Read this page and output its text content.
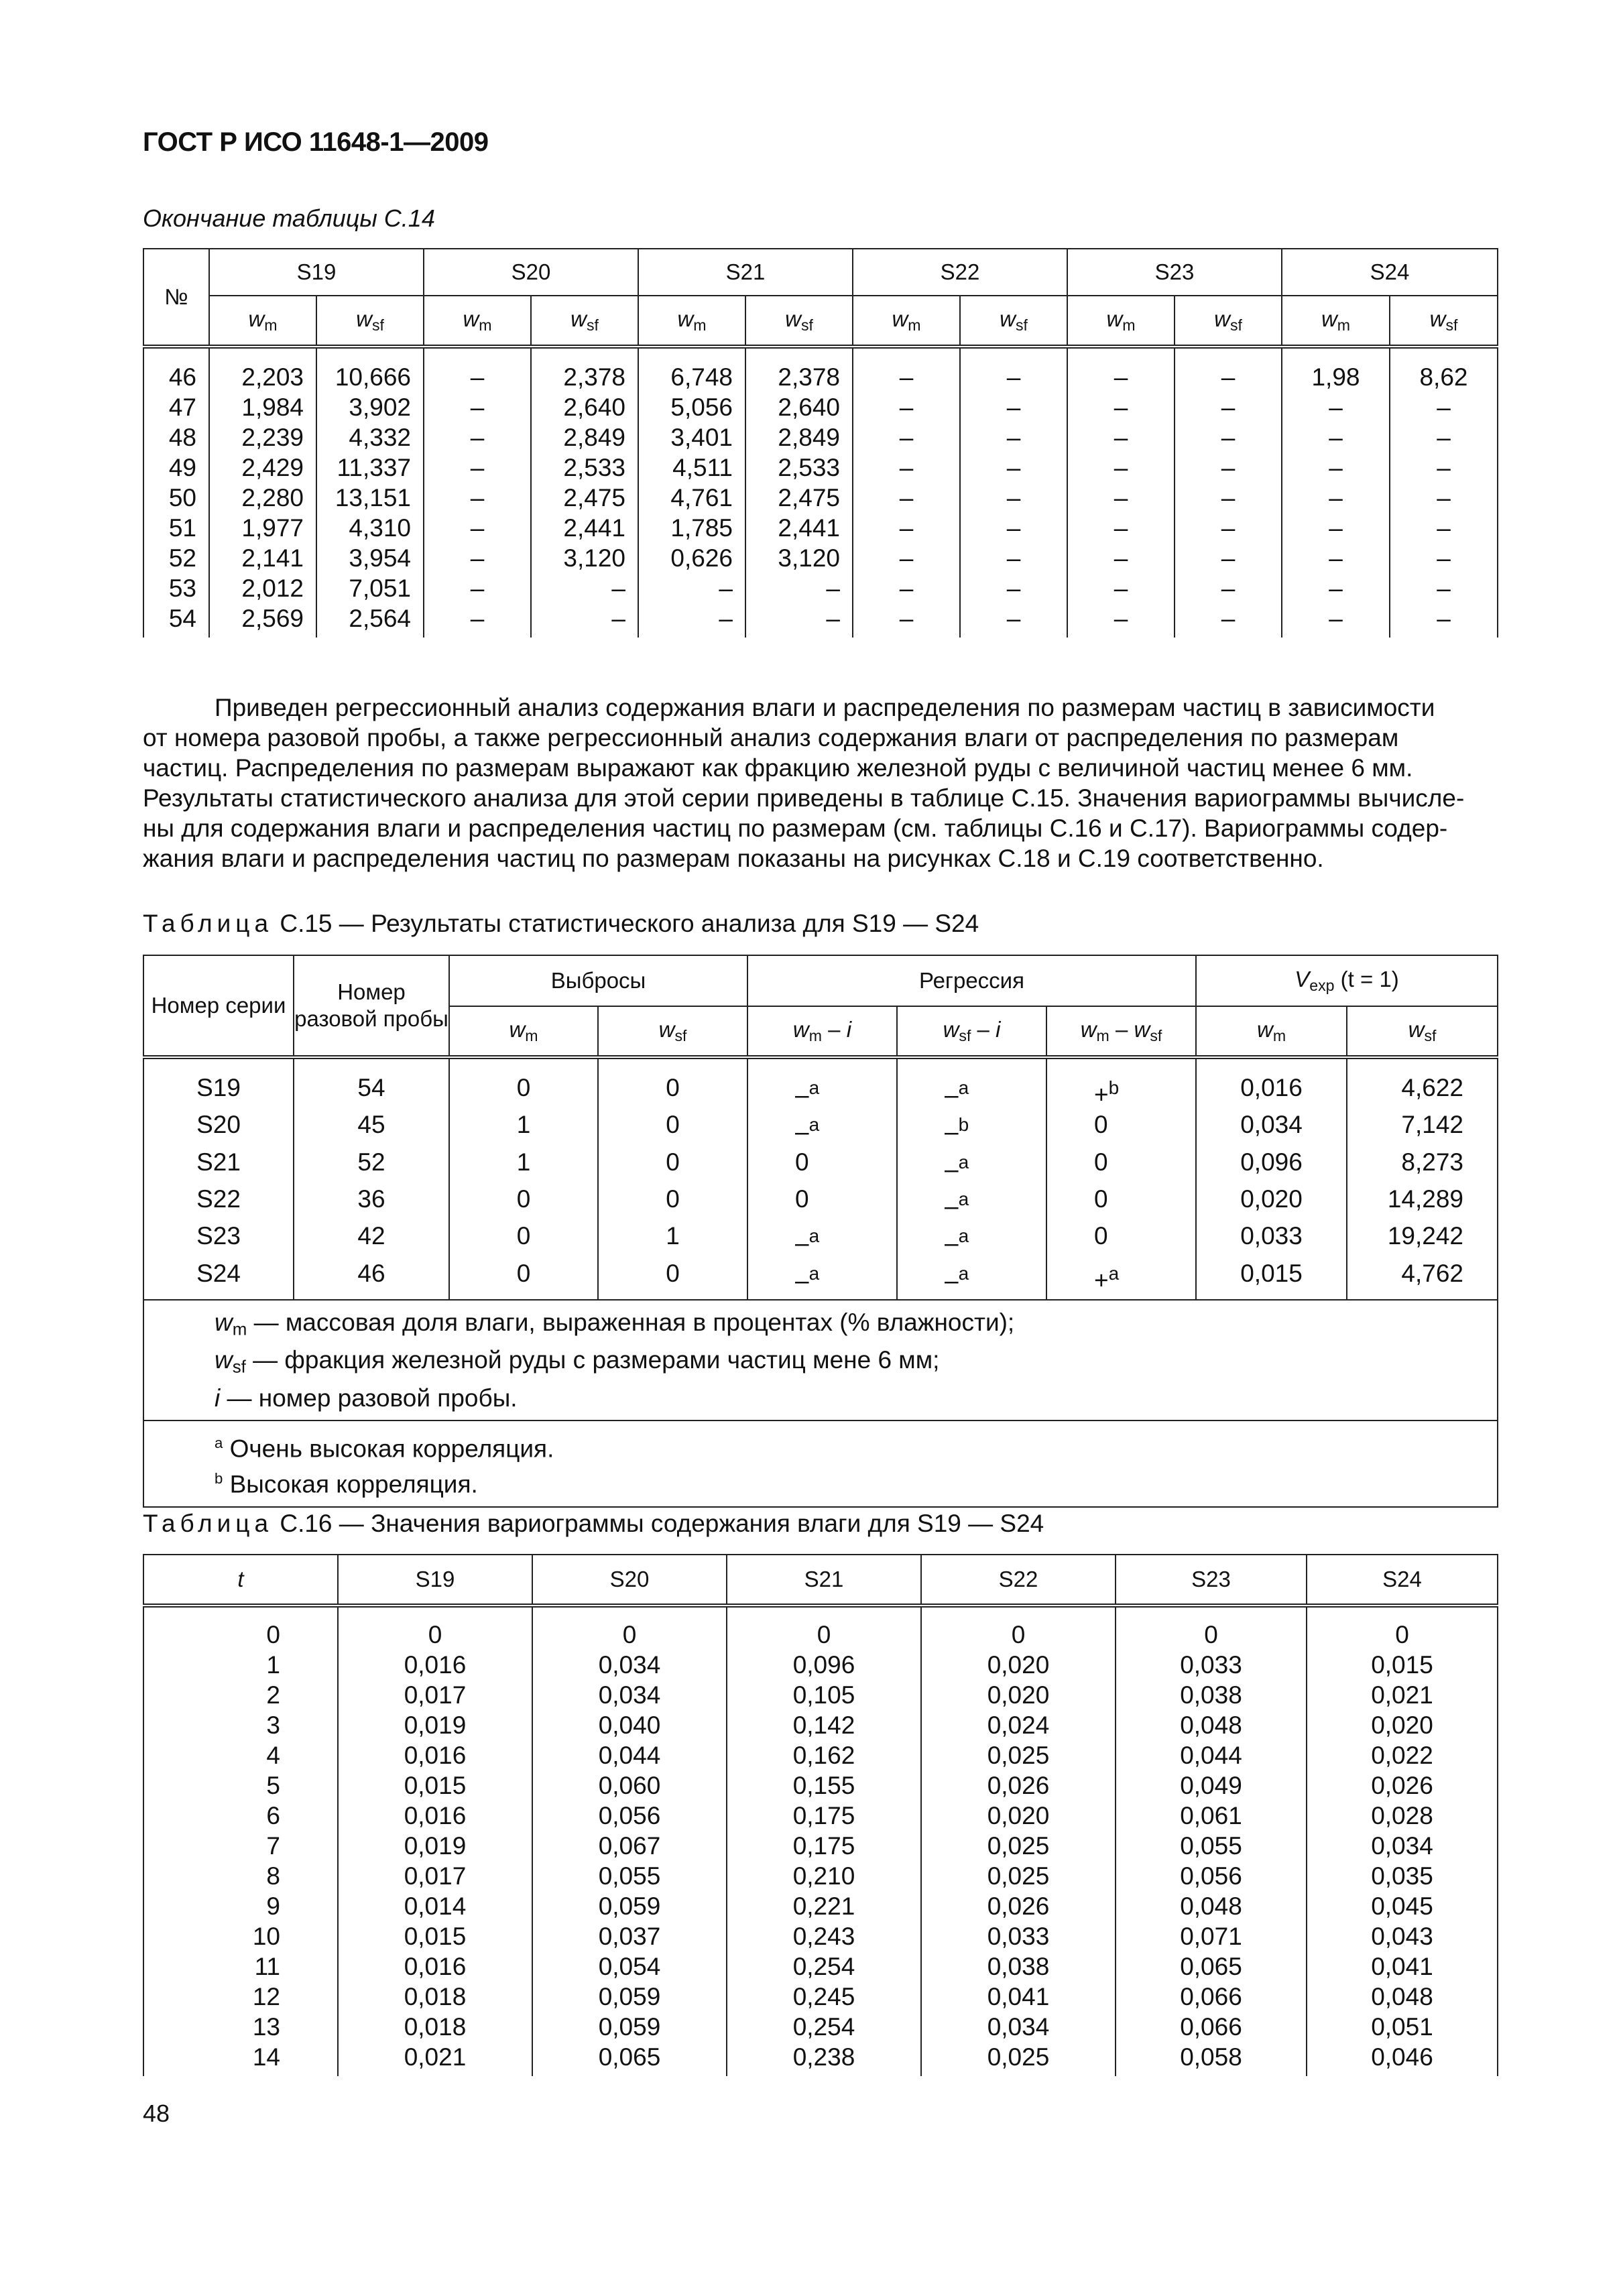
ГОСТ Р ИСО 11648-1—2009
Окончание таблицы С.14
№	S19		S20		S21		S22		S23		S24	
	$w_m$	$w_{sf}$	$w_m$	$w_{sf}$	$w_m$	$w_{sf}$	$w_m$	$w_{sf}$	$w_m$	$w_{sf}$	$w_m$	$w_{sf}$
46	2,203	10,666	–	2,378	6,748	2,378	–	–	–	–	1,98	8,62
47	1,984	3,902	–	2,640	5,056	2,640	–	–	–	–	–	–
48	2,239	4,332	–	2,849	3,401	2,849	–	–	–	–	–	–
49	2,429	11,337	–	2,533	4,511	2,533	–	–	–	–	–	–
50	2,280	13,151	–	2,475	4,761	2,475	–	–	–	–	–	–
51	1,977	4,310	–	2,441	1,785	2,441	–	–	–	–	–	–
52	2,141	3,954	–	3,120	0,626	3,120	–	–	–	–	–	–
53	2,012	7,051	–	–	–	–	–	–	–	–	–	–
54	2,569	2,564	–	–	–	–	–	–	–	–	–	–

Приведен регрессионный анализ содержания влаги и распределения по размерам частиц в зависимости

от номера разовой пробы, а также регрессионный анализ содержания влаги от распределения по размерам

частиц. Распределения по размерам выражают как фракцию железной руды с величиной частиц менее 6 мм.

Результаты статистического анализа для этой серии приведены в таблице С.15. Значения вариограммы вычисле-

ны для содержания влаги и распределения частиц по размерам (см. таблицы С.16 и С.17). Вариограммы содер-

жания влаги и распределения частиц по размерам показаны на рисунках С.18 и С.19 соответственно.

Таблица С.15 — Результаты статистического анализа для S19 — S24
Номер серии	Номер разовой пробы	Выбросы		Регрессия			$V_{exp}$ (t = 1)	
		$w_m$	$w_{sf}$	$w_m$ – i	$w_{sf}$ – i	$w_m - w_{sf}$	$w_m$	$w_{sf}$
S19	54	0	0	–$^a$	–$^a$	+$^b$	0,016	4,622
S20	45	1	0	–$^a$	–$^b$	0	0,034	7,142
S21	52	1	0	0	–$^a$	0	0,096	8,273
S22	36	0	0	0	–$^a$	0	0,020	14,289
S23	42	0	1	–$^a$	–$^a$	0	0,033	19,242
S24	46	0	0	–$^a$	–$^a$	+$^a$	0,015	4,762

$w_m$ — массовая доля влаги, выраженная в процентах (% влажности);
$w_{sf}$ — фракция железной руды с размерами частиц мене 6 мм;
i — номер разовой пробы.								

$^a$ Очень высокая корреляция.
$^b$ Высокая корреляция.								
Таблица С.16 — Значения вариограммы содержания влаги для S19 — S24
t	S19	S20	S21	S22	S23	S24
0	0	0	0	0	0	0
1	0,016	0,034	0,096	0,020	0,033	0,015
2	0,017	0,034	0,105	0,020	0,038	0,021
3	0,019	0,040	0,142	0,024	0,048	0,020
4	0,016	0,044	0,162	0,025	0,044	0,022
5	0,015	0,060	0,155	0,026	0,049	0,026
6	0,016	0,056	0,175	0,020	0,061	0,028
7	0,019	0,067	0,175	0,025	0,055	0,034
8	0,017	0,055	0,210	0,025	0,056	0,035
9	0,014	0,059	0,221	0,026	0,048	0,045
10	0,015	0,037	0,243	0,033	0,071	0,043
11	0,016	0,054	0,254	0,038	0,065	0,041
12	0,018	0,059	0,245	0,041	0,066	0,048
13	0,018	0,059	0,254	0,034	0,066	0,051
14	0,021	0,065	0,238	0,025	0,058	0,046
48
